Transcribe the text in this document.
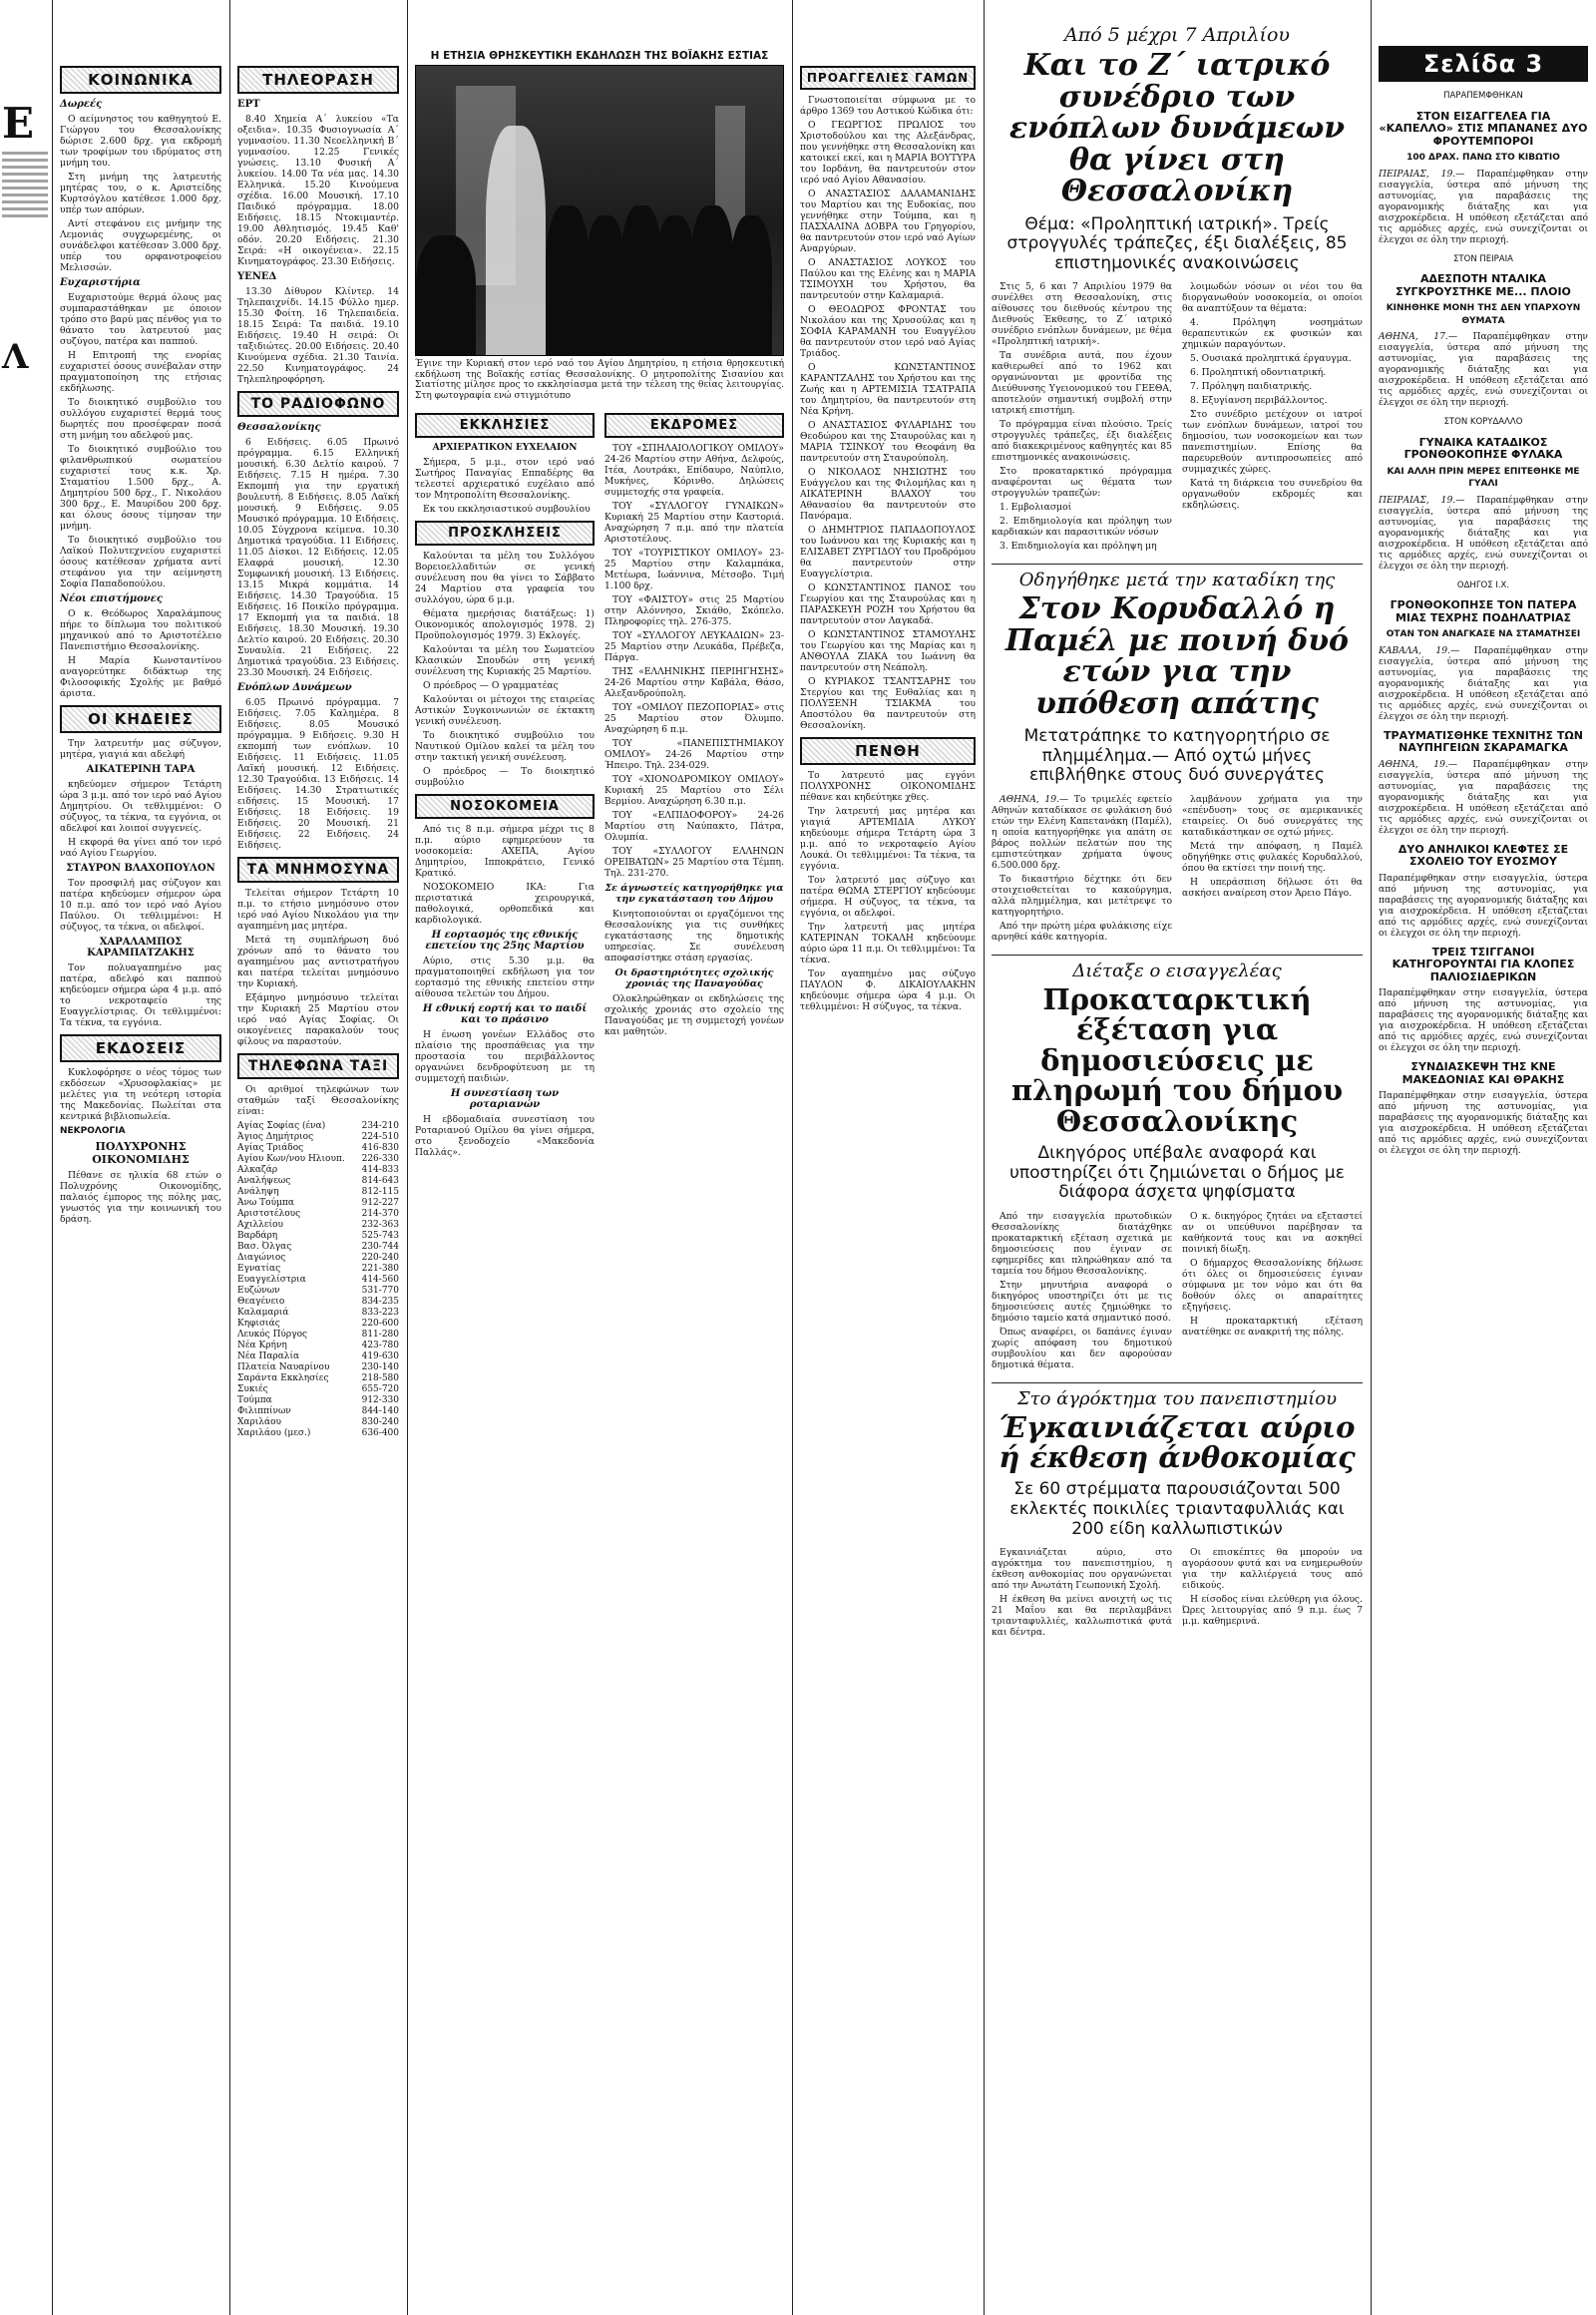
Ε
Λ
ΚΟΙΝΩΝΙΚΑ
Δωρεές

Ο αείμνηστος του καθηγητού Ε. Γιώργου του Θεσσαλονίκης δώρισε 2.600 δρχ. για εκδρομή των τροφίμων του ιδρύματος στη μνήμη του.

Στη μνήμη της λατρευτής μητέρας του, ο κ. Αριστείδης Κυρτσόγλου κατέθεσε 1.000 δρχ. υπέρ των απόρων.

Αντί στεφάνου εις μνήμην της Λεμονιάς συγχωρεμένης, οι συνάδελφοι κατέθεσαν 3.000 δρχ. υπέρ του ορφανοτροφείου Μελισσών.

Ευχαριστήρια

Ευχαριστούμε θερμά όλους μας συμπαραστάθηκαν με όποιον τρόπο στο βαρύ μας πένθος για το θάνατο του λατρευτού μας συζύγου, πατέρα και παππού.

Η Επιτροπή της ενορίας ευχαριστεί όσους συνέβαλαν στην πραγματοποίηση της ετήσιας εκδήλωσης.

Το διοικητικό συμβούλιο του συλλόγου ευχαριστεί θερμά τους δωρητές που προσέφεραν ποσά στη μνήμη του αδελφού μας.

Το διοικητικό συμβούλιο του φιλανθρωπικού σωματείου ευχαριστεί τους κ.κ. Χρ. Σταματίου 1.500 δρχ., Α. Δημητρίου 500 δρχ., Γ. Νικολάου 300 δρχ., Ε. Μαυρίδου 200 δρχ. και όλους όσους τίμησαν την μνήμη.

Το διοικητικό συμβούλιο του Λαϊκού Πολυτεχνείου ευχαριστεί όσους κατέθεσαν χρήματα αντί στεφάνου για την αείμνηστη Σοφία Παπαδοπούλου.

Νέοι επιστήμονες

Ο κ. Θεόδωρος Χαραλάμπους πήρε το δίπλωμα του πολιτικού μηχανικού από το Αριστοτέλειο Πανεπιστήμιο Θεσσαλονίκης.

Η Μαρία Κωνσταντίνου αναγορεύτηκε διδάκτωρ της Φιλοσοφικής Σχολής με βαθμό άριστα.

ΟΙ ΚΗΔΕΙΕΣ

Την λατρευτήν μας σύζυγον, μητέρα, γιαγιά και αδελφή

ΑΙΚΑΤΕΡΙΝΗ ΤΑΡΑ

κηδεύομεν σήμερον Τετάρτη ώρα 3 μ.μ. από τον ιερό ναό Αγίου Δημητρίου. Οι τεθλιμμένοι: Ο σύζυγος, τα τέκνα, τα εγγόνια, οι αδελφοί και λοιποί συγγενείς.

Η εκφορά θα γίνει από τον ιερό ναό Αγίου Γεωργίου.

ΣΤΑΥΡΟΝ ΒΛΑΧΟΠΟΥΛΟΝ

Τον προσφιλή μας σύζυγον και πατέρα κηδεύομεν σήμερον ώρα 10 π.μ. από τον ιερό ναό Αγίου Παύλου. Οι τεθλιμμένοι: Η σύζυγος, τα τέκνα, οι αδελφοί.

ΧΑΡΑΛΑΜΠΟΣ ΚΑΡΑΜΠΑΤΖΑΚΗΣ

Τον πολυαγαπημένο μας πατέρα, αδελφό και παππού κηδεύομεν σήμερα ώρα 4 μ.μ. από το νεκροταφείο της Ευαγγελίστριας. Οι τεθλιμμένοι: Τα τέκνα, τα εγγόνια.

ΕΚΔΟΣΕΙΣ

Κυκλοφόρησε ο νέος τόμος των εκδόσεων «Χρυσοφλακίας» με μελέτες για τη νεότερη ιστορία της Μακεδονίας. Πωλείται στα κεντρικά βιβλιοπωλεία.

ΝΕΚΡΟΛΟΓΙΑ
ΠΟΛΥΧΡΟΝΗΣ ΟΙΚΟΝΟΜΙΔΗΣ

Πέθανε σε ηλικία 68 ετών ο Πολυχρόνης Οικονομίδης, παλαιός έμπορος της πόλης μας, γνωστός για την κοινωνική του δράση.

ΤΗΛΕΟΡΑΣΗ
ΕΡΤ

8.40 Χημεία Α΄ λυκείου «Τα οξειδια». 10.35 Φυσιογνωσία Α΄ γυμνασίου. 11.30 Νεοελληνική Β΄ γυμνασίου. 12.25 Γενικές γνώσεις. 13.10 Φυσική Α΄ λυκείου. 14.00 Τα νέα μας. 14.30 Ελληνικά. 15.20 Κινούμενα σχέδια. 16.00 Μουσική. 17.10 Παιδικό πρόγραμμα. 18.00 Ειδήσεις. 18.15 Ντοκιμαντέρ. 19.00 Αθλητισμός. 19.45 Καθ' οδόν. 20.20 Ειδήσεις. 21.30 Σειρά: «Η οικογένεια». 22.15 Κινηματογράφος. 23.30 Ειδήσεις.

ΥΕΝΕΔ

13.30 Δίθυρον Κλίντερ. 14 Τηλεπαιχνίδι. 14.15 Φύλλο ημερ. 15.30 Φοίτη. 16 Τηλεπαιδεία. 18.15 Σειρά: Τα παιδιά. 19.10 Ειδήσεις. 19.40 Η σειρά: Οι ταξιδιώτες. 20.00 Ειδήσεις. 20.40 Κινούμενα σχέδια. 21.30 Ταινία. 22.50 Κινηματογράφος. 24 Τηλεπληροφόρηση.

ΤΟ ΡΑΔΙΟΦΩΝΟ
Θεσσαλονίκης

6 Ειδήσεις. 6.05 Πρωινό πρόγραμμα. 6.15 Ελληνική μουσική. 6.30 Δελτίο καιρού. 7 Ειδήσεις. 7.15 Η ημέρα. 7.30 Εκπομπή για την εργατική βουλευτή. 8 Ειδήσεις. 8.05 Λαϊκή μουσική. 9 Ειδήσεις. 9.05 Μουσικό πρόγραμμα. 10 Ειδήσεις. 10.05 Σύγχρονα κείμενα. 10.30 Δημοτικά τραγούδια. 11 Ειδήσεις. 11.05 Δίσκοι. 12 Ειδήσεις. 12.05 Ελαφρά μουσική. 12.30 Συμφωνική μουσική. 13 Ειδήσεις. 13.15 Μικρά κομμάτια. 14 Ειδήσεις. 14.30 Τραγούδια. 15 Ειδήσεις. 16 Ποικίλο πρόγραμμα. 17 Εκπομπή για τα παιδιά. 18 Ειδήσεις. 18.30 Μουσική. 19.30 Δελτίο καιρού. 20 Ειδήσεις. 20.30 Συναυλία. 21 Ειδήσεις. 22 Δημοτικά τραγούδια. 23 Ειδήσεις. 23.30 Μουσική. 24 Ειδήσεις.

Ενόπλων Δυνάμεων

6.05 Πρωινό πρόγραμμα. 7 Ειδήσεις. 7.05 Καλημέρα. 8 Ειδήσεις. 8.05 Μουσικό πρόγραμμα. 9 Ειδήσεις. 9.30 Η εκπομπή των ενόπλων. 10 Ειδήσεις. 11 Ειδήσεις. 11.05 Λαϊκή μουσική. 12 Ειδήσεις. 12.30 Τραγούδια. 13 Ειδήσεις. 14 Ειδήσεις. 14.30 Στρατιωτικές ειδήσεις. 15 Μουσική. 17 Ειδήσεις. 18 Ειδήσεις. 19 Ειδήσεις. 20 Μουσική. 21 Ειδήσεις. 22 Ειδήσεις. 24 Ειδήσεις.

ΤΑ ΜΝΗΜΟΣΥΝΑ

Τελείται σήμερον Τετάρτη 10 π.μ. το ετήσιο μνημόσυνο στον ιερό ναό Αγίου Νικολάου για την αγαπημένη μας μητέρα.

Μετά τη συμπλήρωση δυό χρόνων από το θάνατο του αγαπημένου μας αντιστρατήγου και πατέρα τελείται μνημόσυνο την Κυριακή.

Εξάμηνο μνημόσυνο τελείται την Κυριακή 25 Μαρτίου στον ιερό ναό Αγίας Σοφίας. Οι οικογένειες παρακαλούν τους φίλους να παραστούν.

ΤΗΛΕΦΩΝΑ ΤΑΞΙ

Οι αριθμοί τηλεφώνων των σταθμών ταξί Θεσσαλονίκης είναι:

Αγίας Σοφίας (ένα)	234-210
Άγιος Δημήτριος	224-510
Αγίας Τριάδος	416-830
Αγίου Κων/νου Ηλιουπ. 226-330
Αλκαζάρ	414-833
Αναλήψεως	814-643
Ανάληψη	812-115
Άνω Τούμπα	912-227
Αριστοτέλους	214-370
Αχιλλείου	232-363
Βαρδάρη	525-743
Βασ. Όλγας	230-744
Διαγώνιος	220-240
Εγνατίας	221-380
Ευαγγελίστρια	414-560
Ευζώνων	531-770
Θεαγένειο	834-235
Καλαμαριά	833-223
Κηφισιάς	220-600
Λευκός Πύργος	811-280
Νέα Κρήνη	423-780
Νέα Παραλία	419-630
Πλατεία Ναυαρίνου	230-140
Σαράντα Εκκλησίες	218-580
Συκιές	655-720
Τούμπα	912-330
Φιλιππίνων	844-140
Χαριλάου	830-240
Χαριλάου (μεσ.)	636-400
Η ΕΤΗΣΙΑ ΘΡΗΣΚΕΥΤΙΚΗ ΕΚΔΗΛΩΣΗ ΤΗΣ ΒΟΪΑΚΗΣ ΕΣΤΙΑΣ
Έγινε την Κυριακή στον ιερό ναό του Αγίου Δημητρίου, η ετήσια θρησκευτική εκδήλωση της Βοϊακής εστίας Θεσσαλονίκης. Ο μητροπολίτης Σισανίου και Σιατίστης μίλησε προς το εκκλησίασμα μετά την τέλεση της θείας λειτουργίας. Στη φωτογραφία ενώ στιγμιότυπο
ΕΚΚΛΗΣΙΕΣ
ΑΡΧΙΕΡΑΤΙΚΟΝ ΕΥΧΕΛΑΙΟΝ

Σήμερα, 5 μ.μ., στον ιερό ναό Σωτήρος Παναγίας Εππαδέρης θα τελεστεί αρχιερατικό ευχέλαιο από τον Μητροπολίτη Θεσσαλονίκης.

Εκ του εκκλησιαστικού συμβουλίου

ΠΡΟΣΚΛΗΣΕΙΣ

Καλούνται τα μέλη του Συλλόγου Βορειοελλαδιτών σε γενική συνέλευση που θα γίνει το Σάββατο 24 Μαρτίου στα γραφεία του συλλόγου, ώρα 6 μ.μ.

Θέματα ημερήσιας διατάξεως: 1) Οικονομικός απολογισμός 1978. 2) Προϋπολογισμός 1979. 3) Εκλογές.

Καλούνται τα μέλη του Σωματείου Κλασικών Σπουδών στη γενική συνέλευση της Κυριακής 25 Μαρτίου.

Ο πρόεδρος — Ο γραμματέας

Καλούνται οι μέτοχοι της εταιρείας Αστικών Συγκοινωνιών σε έκτακτη γενική συνέλευση.

Το διοικητικό συμβούλιο του Ναυτικού Ομίλου καλεί τα μέλη του στην τακτική γενική συνέλευση.

Ο πρόεδρος — Το διοικητικό συμβούλιο

ΝΟΣΟΚΟΜΕΙΑ

Από τις 8 π.μ. σήμερα μέχρι τις 8 π.μ. αύριο εφημερεύουν τα νοσοκομεία: ΑΧΕΠΑ, Αγίου Δημητρίου, Ιπποκράτειο, Γενικό Κρατικό.

ΝΟΣΟΚΟΜΕΙΟ ΙΚΑ: Για περιστατικά χειρουργικά, παθολογικά, ορθοπεδικά και καρδιολογικά.

Η εορτασμός της εθνικής επετείου της 25ης Μαρτίου

Αύριο, στις 5.30 μ.μ. θα πραγματοποιηθεί εκδήλωση για τον εορτασμό της εθνικής επετείου στην αίθουσα τελετών του Δήμου.

Η εθνική εορτή και το παιδί και το πράσινο

Η ένωση γονέων Ελλάδος στο πλαίσιο της προσπάθειας για την προστασία του περιβάλλοντος οργανώνει δενδροφύτευση με τη συμμετοχή παιδιών.

Η συνεστίαση των ροταριανών

Η εβδομαδιαία συνεστίαση του Ροταριανού Ομίλου θα γίνει σήμερα, στο ξενοδοχείο «Μακεδονία Παλλάς».

ΕΚΔΡΟΜΕΣ

ΤΟΥ «ΣΠΗΛΑΙΟΛΟΓΙΚΟΥ ΟΜΙΛΟΥ» 24-26 Μαρτίου στην Αθήνα, Δελφούς, Ιτέα, Λουτράκι, Επίδαυρο, Ναύπλιο, Μυκήνες, Κόρινθο. Δηλώσεις συμμετοχής στα γραφεία.

ΤΟΥ «ΣΥΛΛΟΓΟΥ ΓΥΝΑΙΚΩΝ» Κυριακή 25 Μαρτίου στην Καστοριά. Αναχώρηση 7 π.μ. από την πλατεία Αριστοτέλους.

ΤΟΥ «ΤΟΥΡΙΣΤΙΚΟΥ ΟΜΙΛΟΥ» 23-25 Μαρτίου στην Καλαμπάκα, Μετέωρα, Ιωάννινα, Μέτσοβο. Τιμή 1.100 δρχ.

ΤΟΥ «ΦΑΙΣΤΟΥ» στις 25 Μαρτίου στην Αλόννησο, Σκιάθο, Σκόπελο. Πληροφορίες τηλ. 276-375.

ΤΟΥ «ΣΥΛΛΟΓΟΥ ΛΕΥΚΑΔΙΩΝ» 23-25 Μαρτίου στην Λευκάδα, Πρέβεζα, Πάργα.

ΤΗΣ «ΕΛΛΗΝΙΚΗΣ ΠΕΡΙΗΓΗΣΗΣ» 24-26 Μαρτίου στην Καβάλα, Θάσο, Αλεξανδρούπολη.

ΤΟΥ «ΟΜΙΛΟΥ ΠΕΖΟΠΟΡΙΑΣ» στις 25 Μαρτίου στον Όλυμπο. Αναχώρηση 6 π.μ.

ΤΟΥ «ΠΑΝΕΠΙΣΤΗΜΙΑΚΟΥ ΟΜΙΛΟΥ» 24-26 Μαρτίου στην Ήπειρο. Τηλ. 234-029.

ΤΟΥ «ΧΙΟΝΟΔΡΟΜΙΚΟΥ ΟΜΙΛΟΥ» Κυριακή 25 Μαρτίου στο Σέλι Βερμίου. Αναχώρηση 6.30 π.μ.

ΤΟΥ «ΕΛΠΙΔΟΦΟΡΟΥ» 24-26 Μαρτίου στη Ναύπακτο, Πάτρα, Ολυμπία.

ΤΟΥ «ΣΥΛΛΟΓΟΥ ΕΛΛΗΝΩΝ ΟΡΕΙΒΑΤΩΝ» 25 Μαρτίου στα Τέμπη. Τηλ. 231-270.

Σε άγνωστείς κατηγορήθηκε για την εγκατάσταση του Δήμου

Κινητοποιούνται οι εργαζόμενοι της Θεσσαλονίκης για τις συνθήκες εγκατάστασης της δημοτικής υπηρεσίας. Σε συνέλευση αποφασίστηκε στάση εργασίας.

Οι δραστηριότητες σχολικής χρονιάς της Παναγούδας

Ολοκληρώθηκαν οι εκδηλώσεις της σχολικής χρονιάς στο σχολείο της Παναγούδας με τη συμμετοχή γονέων και μαθητών.

ΠΡΟΑΓΓΕΛΙΕΣ ΓΑΜΩΝ

Γνωστοποιείται σύμφωνα με το άρθρο 1369 του Αστικού Κώδικα ότι:

Ο ΓΕΩΡΓΙΟΣ ΠΡΩΛΙΟΣ του Χριστοδούλου και της Αλεξάνδρας, που γεννήθηκε στη Θεσσαλονίκη και κατοικεί εκεί, και η ΜΑΡΙΑ ΒΟΥΤΥΡΑ του Ιορδάνη, θα παντρευτούν στον ιερό ναό Αγίου Αθανασίου.

Ο ΑΝΑΣΤΑΣΙΟΣ ΔΑΛΑΜΑΝΙΔΗΣ του Μαρτίου και της Ευδοκίας, που γεννήθηκε στην Τούμπα, και η ΠΑΣΧΑΛΙΝΑ ΔΟΒΡΑ του Γρηγορίου, θα παντρευτούν στον ιερό ναό Αγίων Αναργύρων.

Ο ΑΝΑΣΤΑΣΙΟΣ ΛΟΥΚΟΣ του Παύλου και της Ελένης και η ΜΑΡΙΑ ΤΣΙΜΟΥΧΗ του Χρήστου, θα παντρευτούν στην Καλαμαριά.

Ο ΘΕΟΔΩΡΟΣ ΦΡΟΝΤΑΣ του Νικολάου και της Χρυσούλας και η ΣΟΦΙΑ ΚΑΡΑΜΑΝΗ του Ευαγγέλου θα παντρευτούν στον ιερό ναό Αγίας Τριάδος.

Ο ΚΩΝΣΤΑΝΤΙΝΟΣ ΚΑΡΑΝΤΖΑΛΗΣ του Χρήστου και της Ζωής και η ΑΡΤΕΜΙΣΙΑ ΤΣΑΤΡΑΠΑ του Δημητρίου, θα παντρευτούν στη Νέα Κρήνη.

Ο ΑΝΑΣΤΑΣΙΟΣ ΦΥΛΑΡΙΔΗΣ του Θεοδώρου και της Σταυρούλας και η ΜΑΡΙΑ ΤΣΙΝΚΟΥ του Θεοφάνη θα παντρευτούν στη Σταυρούπολη.

Ο ΝΙΚΟΛΑΟΣ ΝΗΣΙΩΤΗΣ του Ευάγγελου και της Φιλομήλας και η ΑΙΚΑΤΕΡΙΝΗ ΒΛΑΧΟΥ του Αθανασίου θα παντρευτούν στο Πανόραμα.

Ο ΔΗΜΗΤΡΙΟΣ ΠΑΠΑΔΟΠΟΥΛΟΣ του Ιωάννου και της Κυριακής και η ΕΛΙΣΑΒΕΤ ΖΥΡΓΙΔΟΥ του Προδρόμου θα παντρευτούν στην Ευαγγελίστρια.

Ο ΚΩΝΣΤΑΝΤΙΝΟΣ ΠΑΝΟΣ του Γεωργίου και της Σταυρούλας και η ΠΑΡΑΣΚΕΥΗ ΡΟΖΗ του Χρήστου θα παντρευτούν στον Λαγκαδά.

Ο ΚΩΝΣΤΑΝΤΙΝΟΣ ΣΤΑΜΟΥΛΗΣ του Γεωργίου και της Μαρίας και η ΑΝΘΟΥΛΑ ΖΙΑΚΑ του Ιωάννη θα παντρευτούν στη Νεάπολη.

Ο ΚΥΡΙΑΚΟΣ ΤΣΑΝΤΣΑΡΗΣ του Στεργίου και της Ευθαλίας και η ΠΟΛΥΞΕΝΗ ΤΣΙΑΚΜΑ του Αποστόλου θα παντρευτούν στη Θεσσαλονίκη.

ΠΕΝΘΗ

Το λατρευτό μας εγγόνι ΠΟΛΥΧΡΟΝΗΣ ΟΙΚΟΝΟΜΙΔΗΣ πέθανε και κηδεύτηκε χθες.

Την λατρευτή μας μητέρα και γιαγιά ΑΡΤΕΜΙΔΙΑ ΛΥΚΟΥ κηδεύουμε σήμερα Τετάρτη ώρα 3 μ.μ. από το νεκροταφείο Αγίου Λουκά. Οι τεθλιμμένοι: Τα τέκνα, τα εγγόνια.

Τον λατρευτό μας σύζυγο και πατέρα ΘΩΜΑ ΣΤΕΡΓΙΟΥ κηδεύουμε σήμερα. Η σύζυγος, τα τέκνα, τα εγγόνια, οι αδελφοί.

Την λατρευτή μας μητέρα ΚΑΤΕΡΙΝΑΝ ΤΟΚΑΛΗ κηδεύουμε αύριο ώρα 11 π.μ. Οι τεθλιμμένοι: Τα τέκνα.

Τον αγαπημένο μας σύζυγο ΠΑΥΛΟΝ Φ. ΔΙΚΑΙΟΥΛΑΚΗΝ κηδεύουμε σήμερα ώρα 4 μ.μ. Οι τεθλιμμένοι: Η σύζυγος, τα τέκνα.

Από 5 μέχρι 7 Απριλίου
Και το Ζ΄ ιατρικό συνέδριο των ενόπλων δυνάμεων θα γίνει στη Θεσσαλονίκη
Θέμα: «Προληπτική ιατρική». Τρείς στρογγυλές τράπεζες, έξι διαλέξεις, 85 επιστημονικές ανακοινώσεις

Στις 5, 6 και 7 Απριλίου 1979 θα συνέλθει στη Θεσσαλονίκη, στις αίθουσες του διεθνούς κέντρου της Διεθνούς Έκθεσης, το Ζ΄ ιατρικό συνέδριο ενόπλων δυνάμεων, με θέμα «Προληπτική ιατρική».

Τα συνέδρια αυτά, που έχουν καθιερωθεί από το 1962 και οργανώνονται με φροντίδα της Διεύθυνσης Υγειονομικού του ΓΕΕΘΑ, αποτελούν σημαντική συμβολή στην ιατρική επιστήμη.

Το πρόγραμμα είναι πλούσιο. Τρείς στρογγυλές τράπεζες, έξι διαλέξεις από διακεκριμένους καθηγητές και 85 επιστημονικές ανακοινώσεις.

Στο προκαταρκτικό πρόγραμμα αναφέρονται ως θέματα των στρογγυλών τραπεζών:

1. Εμβολιασμοί

2. Επιδημιολογία και πρόληψη των καρδιακών και παρασιτικών νόσων

3. Επιδημιολογία και πρόληψη μη

λοιμωδών νόσων οι νέοι του θα διοργανωθούν νοσοκομεία, οι οποίοι θα αναπτύξουν τα θέματα:

4. Πρόληψη νοσημάτων θεραπευτικών εκ φυσικών και χημικών παραγόντων.

5. Ουσιακά προληπτικά έργαυγμα.

6. Προληπτική οδοντιατρική.

7. Πρόληψη παιδιατρικής.

8. Εξυγίανση περιβάλλοντος.

Στο συνέδριο μετέχουν οι ιατροί των ενόπλων δυνάμεων, ιατροί του δημοσίου, των νοσοκομείων και των πανεπιστημίων. Επίσης θα παρευρεθούν αντιπροσωπείες από συμμαχικές χώρες.

Κατά τη διάρκεια του συνεδρίου θα οργανωθούν εκδρομές και εκδηλώσεις.

Οδηγήθηκε μετά την καταδίκη της
Στον Κορυδαλλό η Παμέλ με ποινή δυό ετών για την υπόθεση απάτης
Μετατράπηκε το κατηγορητήριο σε πλημμέλημα.— Από οχτώ μήνες επιβλήθηκε στους δυό συνεργάτες

ΑΘΗΝΑ, 19.— Το τριμελές εφετείο Αθηνών καταδίκασε σε φυλάκιση δυό ετών την Ελένη Καπετανάκη (Παμέλ), η οποία κατηγορήθηκε για απάτη σε βάρος πολλών πελατών που της εμπιστεύτηκαν χρήματα ύψους 6.500.000 δρχ.

Το δικαστήριο δέχτηκε ότι δεν στοιχειοθετείται το κακούργημα, αλλά πλημμέλημα, και μετέτρεψε το κατηγορητήριο.

Από την πρώτη μέρα φυλάκισης είχε αρνηθεί κάθε κατηγορία.

λαμβάνουν χρήματα για την «επένδυση» τους σε αμερικανικές εταιρείες. Οι δυό συνεργάτες της καταδικάστηκαν σε οχτώ μήνες.

Μετά την απόφαση, η Παμέλ οδηγήθηκε στις φυλακές Κορυδαλλού, όπου θα εκτίσει την ποινή της.

Η υπεράσπιση δήλωσε ότι θα ασκήσει αναίρεση στον Άρειο Πάγο.

Διέταξε ο εισαγγελέας
Προκαταρκτική έξέταση για δημοσιεύσεις με πληρωμή του δήμου Θεσσαλονίκης
Δικηγόρος υπέβαλε αναφορά και υποστηρίζει ότι ζημιώνεται ο δήμος με διάφορα άσχετα ψηφίσματα

Από την εισαγγελία πρωτοδικών Θεσσαλονίκης διατάχθηκε προκαταρκτική εξέταση σχετικά με δημοσιεύσεις που έγιναν σε εφημερίδες και πληρώθηκαν από τα ταμεία του δήμου Θεσσαλονίκης.

Στην μηνυτήρια αναφορά ο δικηγόρος υποστηρίζει ότι με τις δημοσιεύσεις αυτές ζημιώθηκε το δημόσιο ταμείο κατά σημαντικό ποσό.

Όπως αναφέρει, οι δαπάνες έγιναν χωρίς απόφαση του δημοτικού συμβουλίου και δεν αφορούσαν δημοτικά θέματα.

Ο κ. δικηγόρος ζητάει να εξεταστεί αν οι υπεύθυνοι παρέβησαν τα καθήκοντά τους και να ασκηθεί ποινική δίωξη.

Ο δήμαρχος Θεσσαλονίκης δήλωσε ότι όλες οι δημοσιεύσεις έγιναν σύμφωνα με τον νόμο και ότι θα δοθούν όλες οι απαραίτητες εξηγήσεις.

Η προκαταρκτική εξέταση ανατέθηκε σε ανακριτή της πόλης.

Στο άγρόκτημα του πανεπιστημίου
Έγκαινιάζεται αύριο ή έκθεση άνθοκομίας
Σε 60 στρέμματα παρουσιάζονται 500 εκλεκτές ποικιλίες τριανταφυλλιάς και 200 είδη καλλωπιστικών

Εγκαινιάζεται αύριο, στο αγρόκτημα του πανεπιστημίου, η έκθεση ανθοκομίας που οργανώνεται από την Ανωτάτη Γεωπονική Σχολή.

Η έκθεση θα μείνει ανοιχτή ως τις 21 Μαΐου και θα περιλαμβάνει τριανταφυλλιές, καλλωπιστικά φυτά και δέντρα.

Οι επισκέπτες θα μπορούν να αγοράσουν φυτά και να ενημερωθούν για την καλλιέργειά τους από ειδικούς.

Η είσοδος είναι ελεύθερη για όλους. Ώρες λειτουργίας από 9 π.μ. έως 7 μ.μ. καθημερινά.

Σελίδα 3
ΠΑΡΑΠΕΜΦΘΗΚΑΝ
ΣΤΟΝ ΕΙΣΑΓΓΕΛΕΑ ΓΙΑ «ΚΑΠΕΛΛΟ» ΣΤΙΣ ΜΠΑΝΑΝΕΣ ΔΥΟ ΦΡΟΥΤΕΜΠΟΡΟΙ
100 ΔΡΑΧ. ΠΑΝΩ ΣΤΟ ΚΙΒΩΤΙΟ
ΠΕΙΡΑΙΑΣ, 19.— Παραπέμφθηκαν στην εισαγγελία, ύστερα από μήνυση της αστυνομίας, για παραβάσεις της αγορανομικής διάταξης και για αισχροκέρδεια. Η υπόθεση εξετάζεται από τις αρμόδιες αρχές, ενώ συνεχίζονται οι έλεγχοι σε όλη την περιοχή.
ΣΤΟΝ ΠΕΙΡΑΙΑ
ΑΔΕΣΠΟΤΗ ΝΤΑΛΙΚΑ ΣΥΓΚΡΟΥΣΤΗΚΕ ΜΕ... ΠΛΟΙΟ
ΚΙΝΗΘΗΚΕ ΜΟΝΗ ΤΗΣ ΔΕΝ ΥΠΑΡΧΟΥΝ ΘΥΜΑΤΑ
ΑΘΗΝΑ, 17.— Παραπέμφθηκαν στην εισαγγελία, ύστερα από μήνυση της αστυνομίας, για παραβάσεις της αγορανομικής διάταξης και για αισχροκέρδεια. Η υπόθεση εξετάζεται από τις αρμόδιες αρχές, ενώ συνεχίζονται οι έλεγχοι σε όλη την περιοχή.
ΣΤΟΝ ΚΟΡΥΔΑΛΛΟ
ΓΥΝΑΙΚΑ ΚΑΤΑΔΙΚΟΣ ΓΡΟΝΘΟΚΟΠΗΣΕ ΦΥΛΑΚΑ
ΚΑΙ ΑΛΛΗ ΠΡΙΝ ΜΕΡΕΣ ΕΠΙΤΕΘΗΚΕ ΜΕ ΓΥΑΛΙ
ΠΕΙΡΑΙΑΣ, 19.— Παραπέμφθηκαν στην εισαγγελία, ύστερα από μήνυση της αστυνομίας, για παραβάσεις της αγορανομικής διάταξης και για αισχροκέρδεια. Η υπόθεση εξετάζεται από τις αρμόδιες αρχές, ενώ συνεχίζονται οι έλεγχοι σε όλη την περιοχή.
ΟΔΗΓΟΣ Ι.Χ.
ΓΡΟΝΘΟΚΟΠΗΣΕ ΤΟΝ ΠΑΤΕΡΑ ΜΙΑΣ ΤΕΧΡΗΣ ΠΟΔΗΛΑΤΡΙΑΣ
ΟΤΑΝ ΤΟΝ ΑΝΑΓΚΑΣΕ ΝΑ ΣΤΑΜΑΤΗΣΕΙ
ΚΑΒΑΛΑ, 19.— Παραπέμφθηκαν στην εισαγγελία, ύστερα από μήνυση της αστυνομίας, για παραβάσεις της αγορανομικής διάταξης και για αισχροκέρδεια. Η υπόθεση εξετάζεται από τις αρμόδιες αρχές, ενώ συνεχίζονται οι έλεγχοι σε όλη την περιοχή.
ΤΡΑΥΜΑΤΙΣΘΗΚΕ ΤΕΧΝΙΤΗΣ ΤΩΝ ΝΑΥΠΗΓΕΙΩΝ ΣΚΑΡΑΜΑΓΚΑ
ΑΘΗΝΑ, 19.— Παραπέμφθηκαν στην εισαγγελία, ύστερα από μήνυση της αστυνομίας, για παραβάσεις της αγορανομικής διάταξης και για αισχροκέρδεια. Η υπόθεση εξετάζεται από τις αρμόδιες αρχές, ενώ συνεχίζονται οι έλεγχοι σε όλη την περιοχή.
ΔΥΟ ΑΝΗΛΙΚΟΙ ΚΛΕΦΤΕΣ ΣΕ ΣΧΟΛΕΙΟ ΤΟΥ ΕΥΟΣΜΟΥ
Παραπέμφθηκαν στην εισαγγελία, ύστερα από μήνυση της αστυνομίας, για παραβάσεις της αγορανομικής διάταξης και για αισχροκέρδεια. Η υπόθεση εξετάζεται από τις αρμόδιες αρχές, ενώ συνεχίζονται οι έλεγχοι σε όλη την περιοχή.
ΤΡΕΙΣ ΤΣΙΓΓΑΝΟΙ ΚΑΤΗΓΟΡΟΥΝΤΑΙ ΓΙΑ ΚΛΟΠΕΣ ΠΑΛΙΟΣΙΔΕΡΙΚΩΝ
Παραπέμφθηκαν στην εισαγγελία, ύστερα από μήνυση της αστυνομίας, για παραβάσεις της αγορανομικής διάταξης και για αισχροκέρδεια. Η υπόθεση εξετάζεται από τις αρμόδιες αρχές, ενώ συνεχίζονται οι έλεγχοι σε όλη την περιοχή.
ΣΥΝΔΙΑΣΚΕΨΗ ΤΗΣ ΚΝΕ ΜΑΚΕΔΟΝΙΑΣ ΚΑΙ ΘΡΑΚΗΣ
Παραπέμφθηκαν στην εισαγγελία, ύστερα από μήνυση της αστυνομίας, για παραβάσεις της αγορανομικής διάταξης και για αισχροκέρδεια. Η υπόθεση εξετάζεται από τις αρμόδιες αρχές, ενώ συνεχίζονται οι έλεγχοι σε όλη την περιοχή.
